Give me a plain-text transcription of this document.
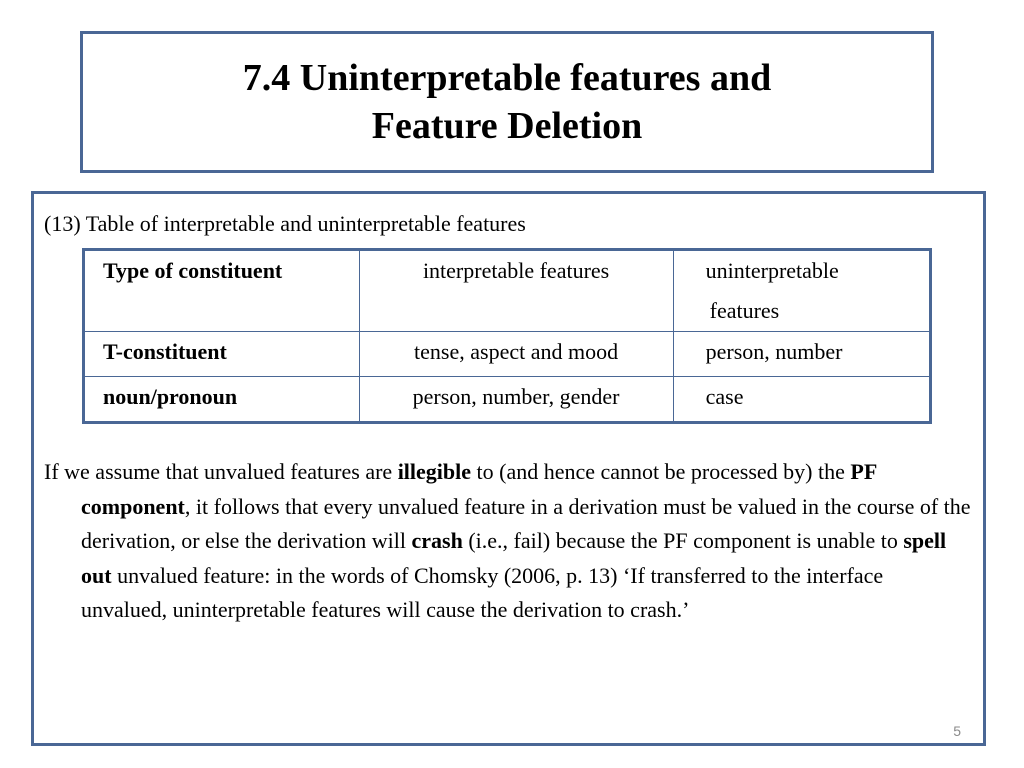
7.4 Uninterpretable features and
Feature Deletion
(13) Table of interpretable and uninterpretable features
Type of constituent	interpretable features	uninterpretable
features

T-constituent	tense, aspect and mood	person, number
noun/pronoun	person, number, gender	case
If we assume that unvalued features are illegible to (and hence cannot be processed by) the PF component, it follows that every unvalued feature in a derivation must be valued in the course of the derivation, or else the derivation will crash (i.e., fail) because the PF component is unable to spell out unvalued feature: in the words of Chomsky (2006, p. 13) ‘If transferred to the interface unvalued, uninterpretable features will cause the derivation to crash.’
5
